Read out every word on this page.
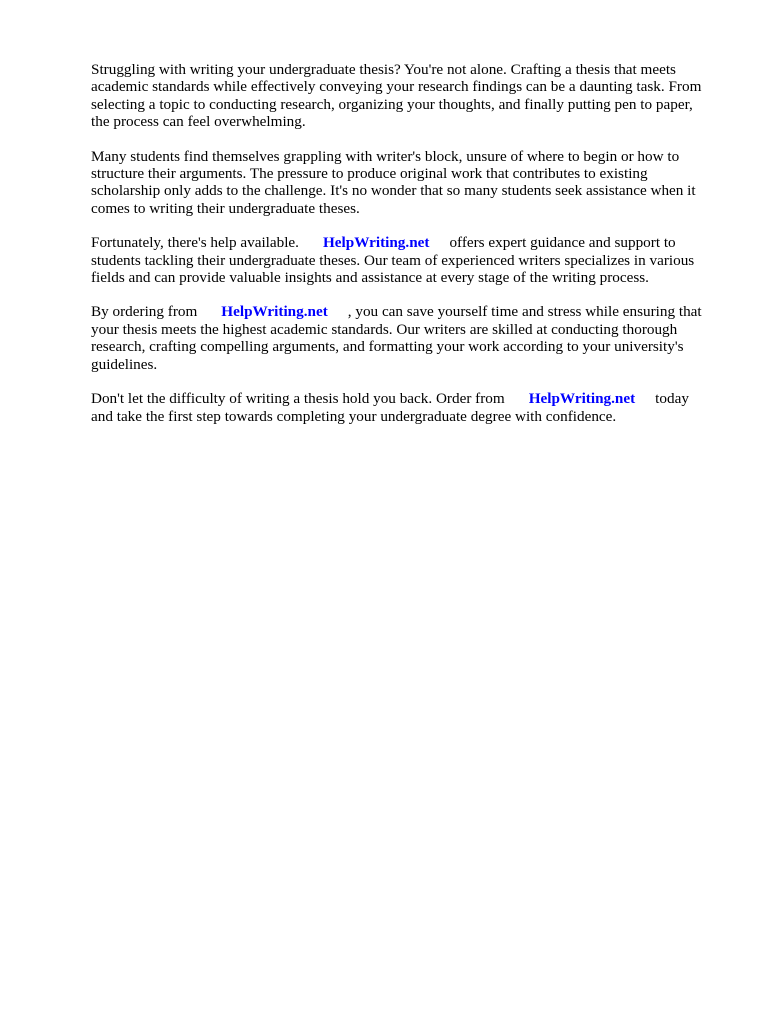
Struggling with writing your undergraduate thesis? You're not alone. Crafting a thesis that meets
academic standards while effectively conveying your research findings can be a daunting task. From
selecting a topic to conducting research, organizing your thoughts, and finally putting pen to paper,
the process can feel overwhelming.

Many students find themselves grappling with writer's block, unsure of where to begin or how to
structure their arguments. The pressure to produce original work that contributes to existing
scholarship only adds to the challenge. It's no wonder that so many students seek assistance when it
comes to writing their undergraduate theses.

Fortunately, there's help available. HelpWriting.net offers expert guidance and support to
students tackling their undergraduate theses. Our team of experienced writers specializes in various
fields and can provide valuable insights and assistance at every stage of the writing process.

By ordering from HelpWriting.net , you can save yourself time and stress while ensuring that
your thesis meets the highest academic standards. Our writers are skilled at conducting thorough
research, crafting compelling arguments, and formatting your work according to your university's
guidelines.

Don't let the difficulty of writing a thesis hold you back. Order from HelpWriting.net today
and take the first step towards completing your undergraduate degree with confidence.
